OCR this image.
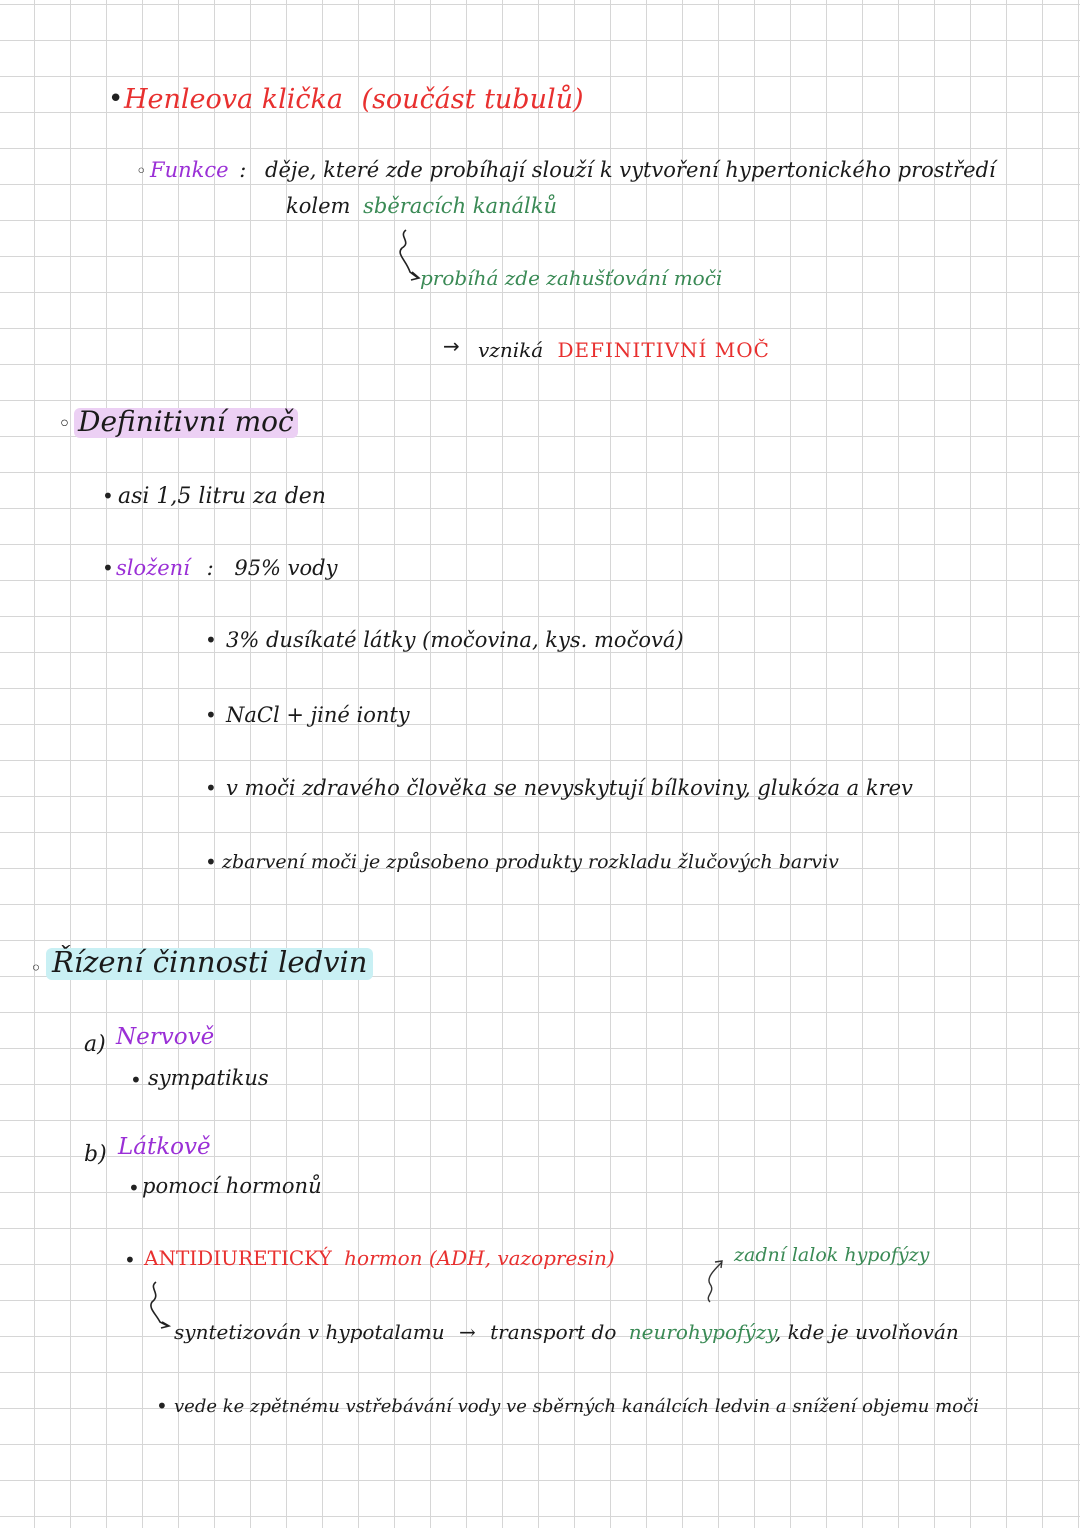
• Henleova klička (součást tubulů)
◦ Funkce : děje, které zde probíhají slouží k vytvoření hypertonického prostředí
kolem sběracích kanálků
probíhá zde zahušťování moči
→ vzniká DEFINITIVNÍ MOČ
◦ Definitivní moč
• asi 1,5 litru za den
• složení : 95% vody
• 3% dusíkaté látky (močovina, kys. močová)
• NaCl + jiné ionty
• v moči zdravého člověka se nevyskytují bílkoviny, glukóza a krev
• zbarvení moči je způsobeno produkty rozkladu žlučových barviv
◦ Řízení činnosti ledvin
a) Nervově
• sympatikus
b) Látkově
• pomocí hormonů
• ANTIDIURETICKÝ hormon (ADH, vazopresin)	zadní lalok hypofýzy
syntetizován v hypotalamu → transport do neurohypofýzy, kde je uvolňován
• vede ke zpětnému vstřebávání vody ve sběrných kanálcích ledvin a snížení objemu moči
